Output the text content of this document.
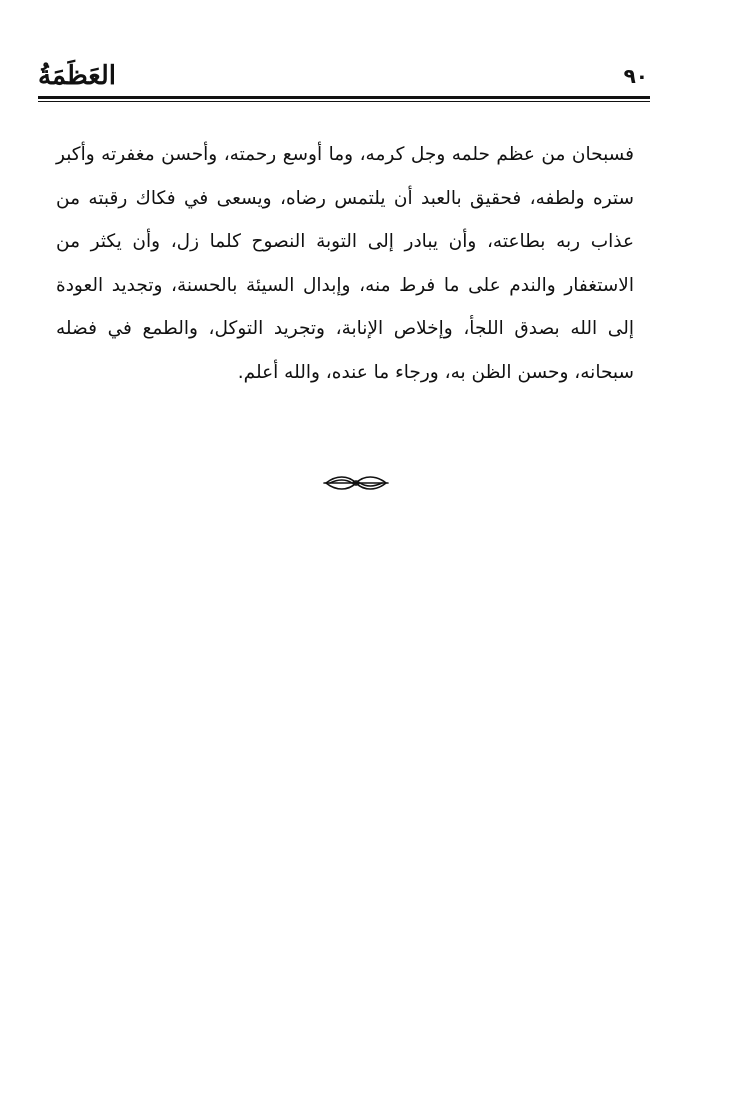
العَظَمَةُ	٩٠
فسبحان من عظم حلمه وجل كرمه، وما أوسع رحمته، وأحسن مغفرته وأكبر ستره ولطفه، فحقيق بالعبد أن يلتمس رضاه، ويسعى في فكاك رقبته من عذاب ربه بطاعته، وأن يبادر إلى التوبة النصوح كلما زل، وأن يكثر من الاستغفار والندم على ما فرط منه، وإبدال السيئة بالحسنة، وتجديد العودة إلى الله بصدق اللجأ، وإخلاص الإنابة، وتجريد التوكل، والطمع في فضله سبحانه، وحسن الظن به، ورجاء ما عنده، والله أعلم.
